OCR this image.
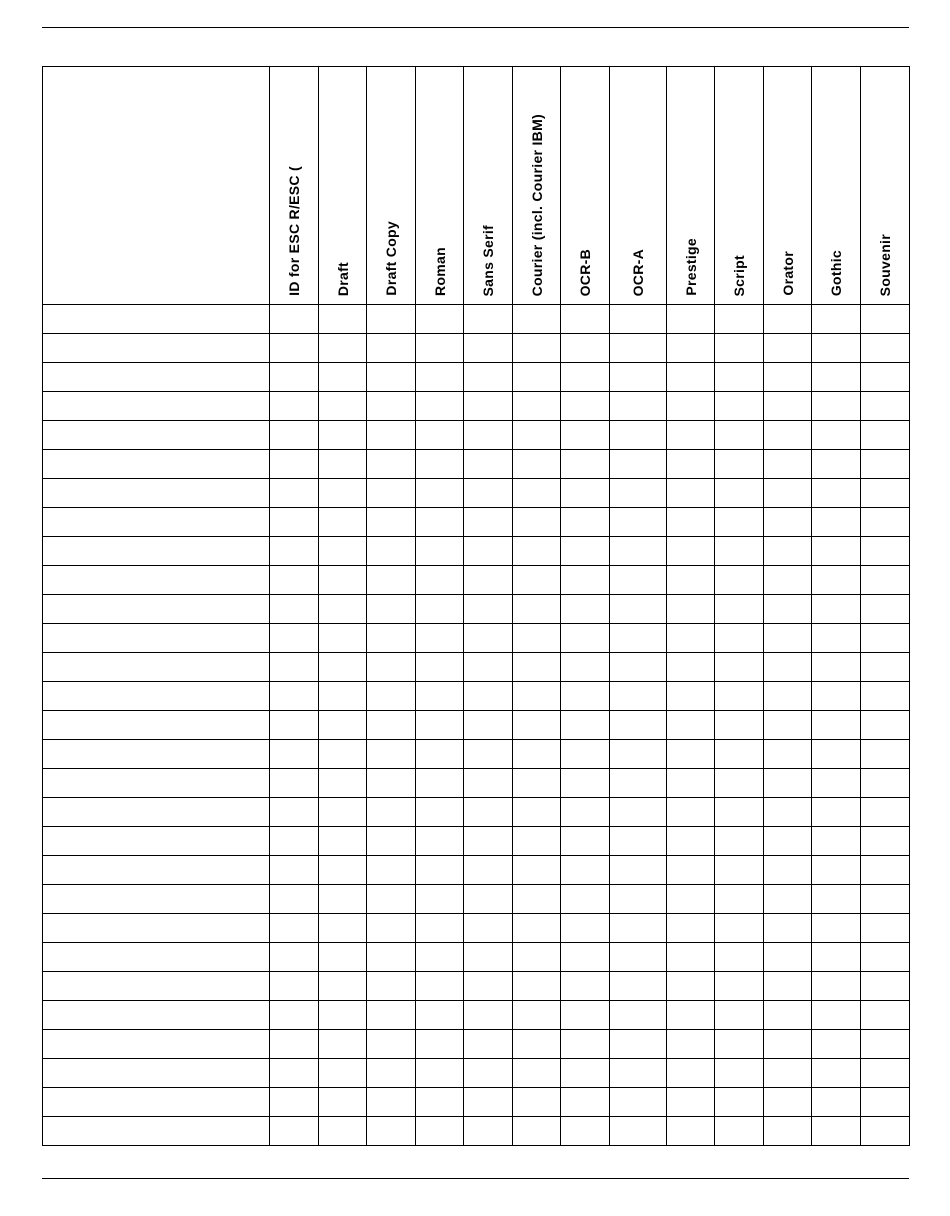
	ID for ESC R/ESC (	Draft	Draft Copy	Roman	Sans Serif	Courier (incl. Courier IBM)	OCR-B	OCR-A	Prestige	Script	Orator	Gothic	Souvenir
